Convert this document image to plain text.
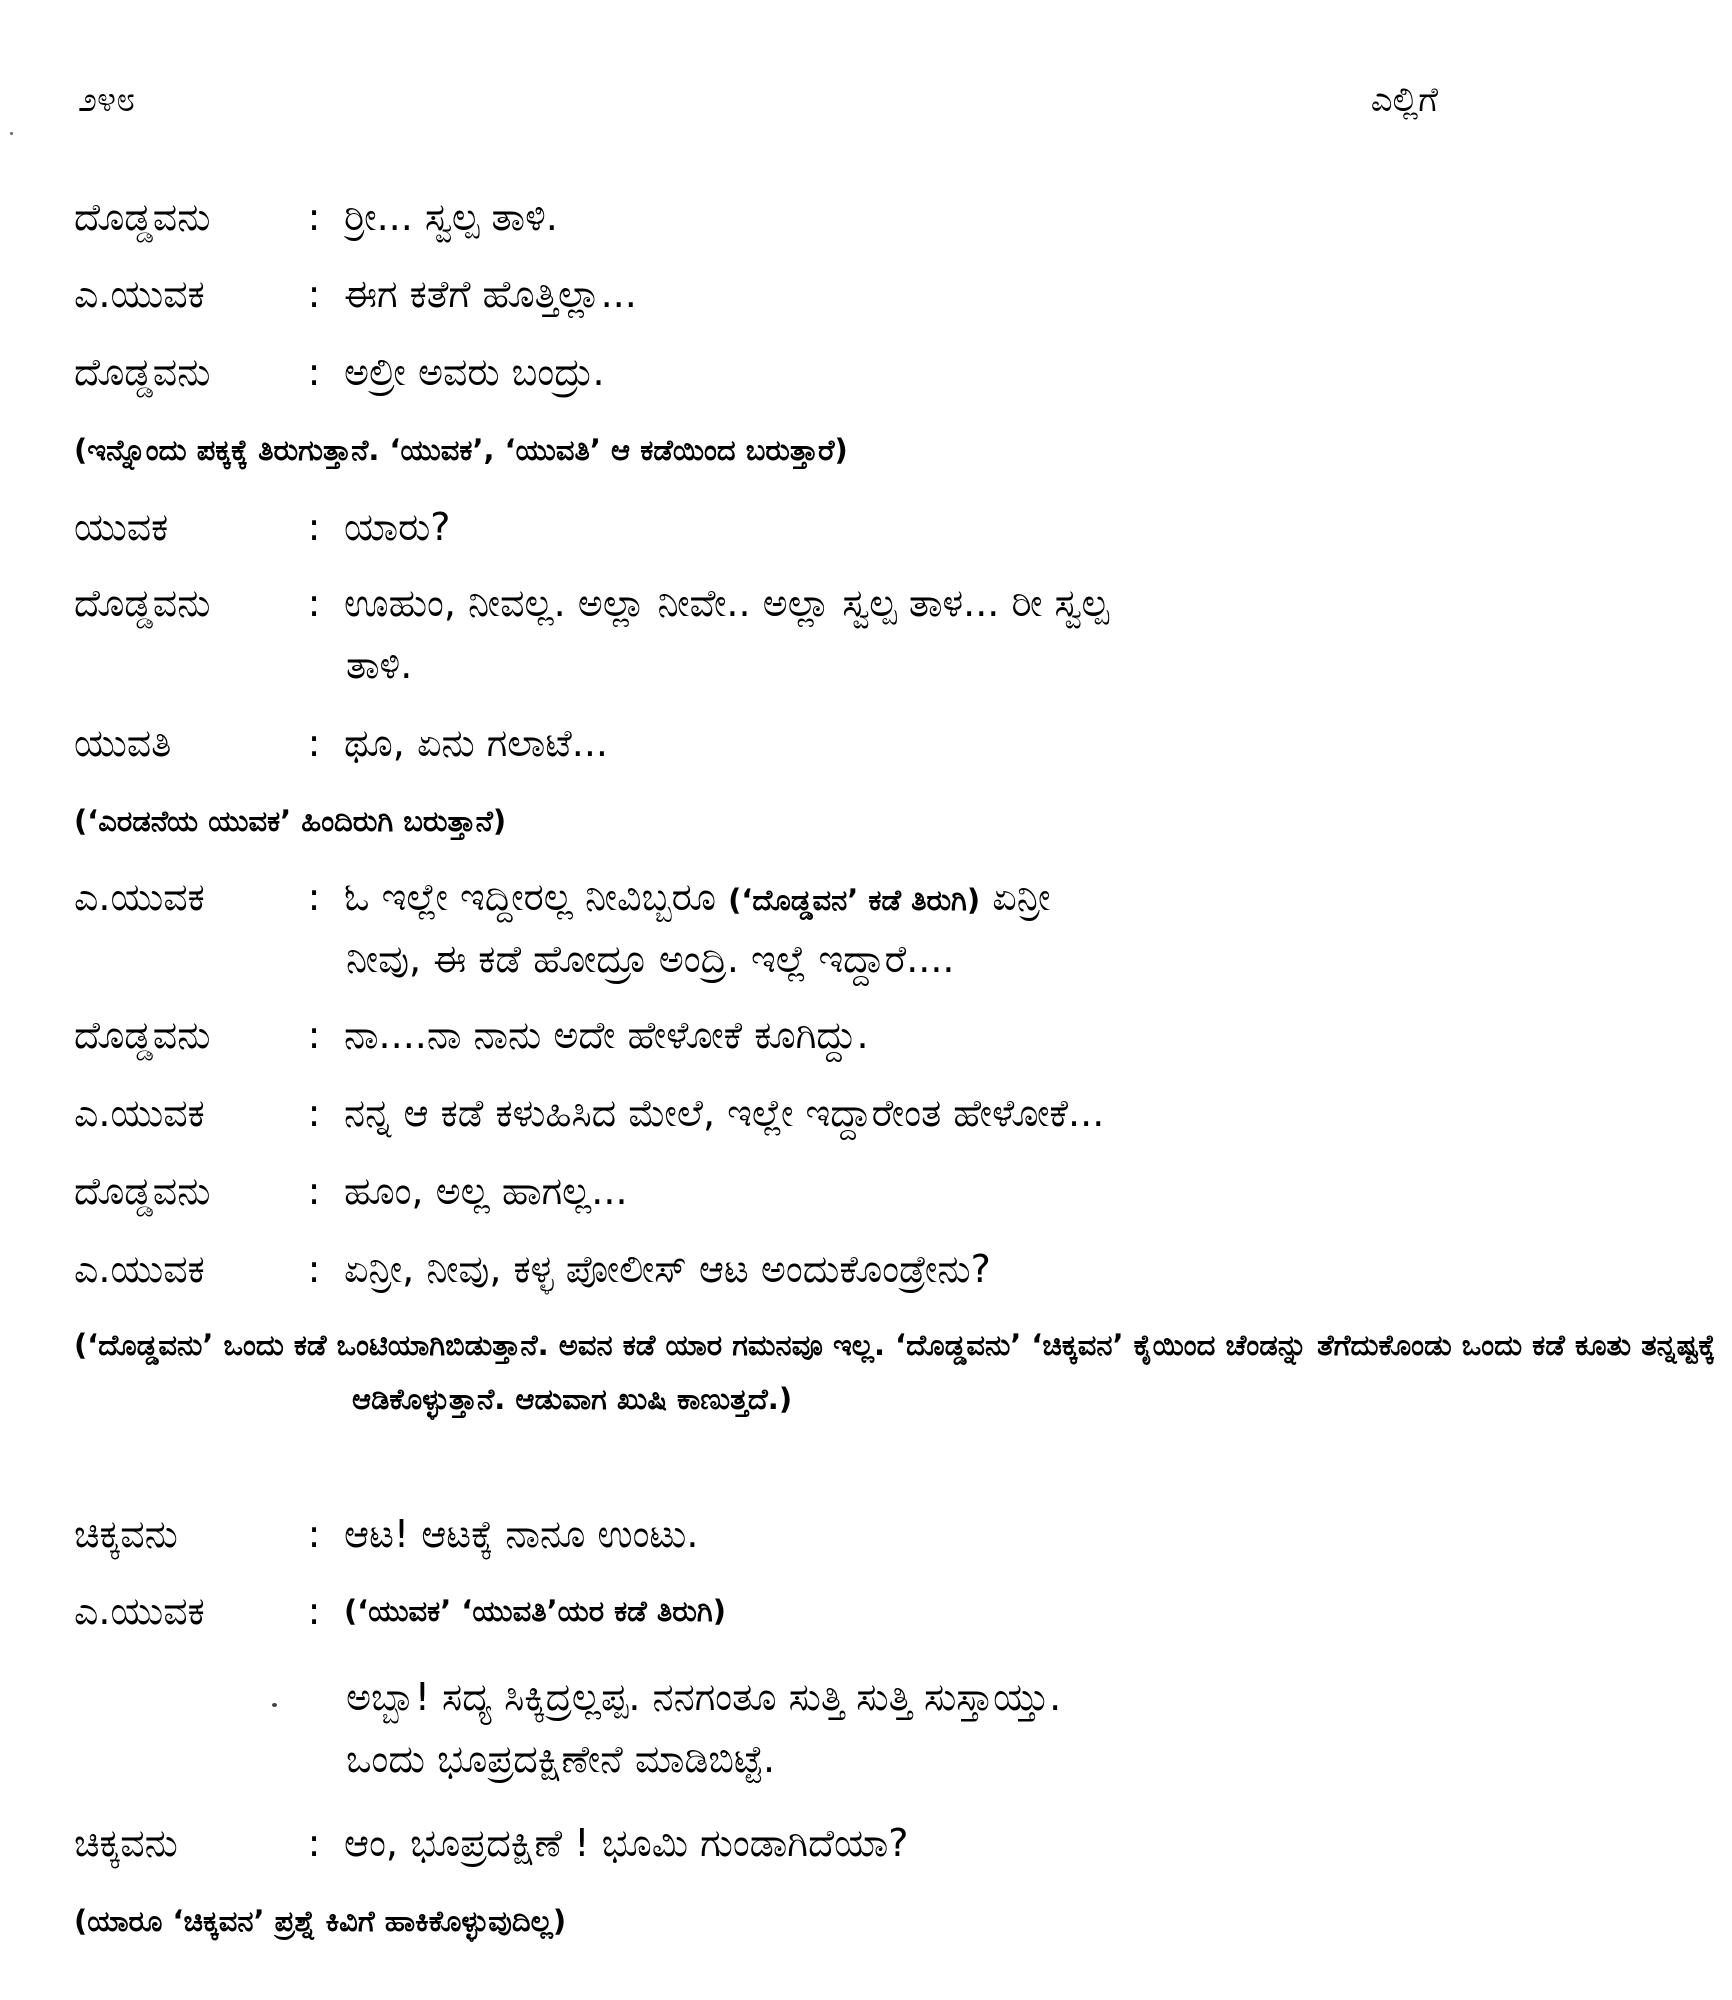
೨೪೮	ಎಲ್ಲಿಗೆ
ದೊಡ್ಡವನು	: ರ‍್ರೀ... ಸ್ವಲ್ಪ ತಾಳಿ.
ಎ.ಯುವಕ	: ಈಗ ಕತೆಗೆ ಹೊತ್ತಿಲ್ಲಾ...
ದೊಡ್ಡವನು	: ಅಲ್ರೀ ಅವರು ಬಂದ್ರು.
(ಇನ್ನೊಂದು ಪಕ್ಕಕ್ಕೆ ತಿರುಗುತ್ತಾನೆ. ‘ಯುವಕ’, ‘ಯುವತಿ’ ಆ ಕಡೆಯಿಂದ ಬರುತ್ತಾರೆ)
ಯುವಕ	: ಯಾರು?
ದೊಡ್ಡವನು	: ಊಹುಂ, ನೀವಲ್ಲ. ಅಲ್ಲಾ ನೀವೇ.. ಅಲ್ಲಾ ಸ್ವಲ್ಪ ತಾಳ... ರೀ ಸ್ವಲ್ಪ
ತಾಳಿ.
ಯುವತಿ	: ಥೂ, ಏನು ಗಲಾಟೆ...
(‘ಎರಡನೆಯ ಯುವಕ’ ಹಿಂದಿರುಗಿ ಬರುತ್ತಾನೆ)
ಎ.ಯುವಕ	: ಓ ಇಲ್ಲೇ ಇದ್ದೀರಲ್ಲ ನೀವಿಬ್ಬರೂ (‘ದೊಡ್ಡವನ’ ಕಡೆ ತಿರುಗಿ) ಏನ್ರೀ
ನೀವು, ಈ ಕಡೆ ಹೋದ್ರೂ ಅಂದ್ರಿ. ಇಲ್ಲೆ ಇದ್ದಾರೆ....
ದೊಡ್ಡವನು	: ನಾ....ನಾ ನಾನು ಅದೇ ಹೇಳೋಕೆ ಕೂಗಿದ್ದು.
ಎ.ಯುವಕ	: ನನ್ನ ಆ ಕಡೆ ಕಳುಹಿಸಿದ ಮೇಲೆ, ಇಲ್ಲೇ ಇದ್ದಾರೇಂತ ಹೇಳೋಕೆ...
ದೊಡ್ಡವನು	: ಹೂಂ, ಅಲ್ಲ ಹಾಗಲ್ಲ...
ಎ.ಯುವಕ	: ಏನ್ರೀ, ನೀವು, ಕಳ್ಳ ಪೋಲೀಸ್ ಆಟ ಅಂದುಕೊಂಡ್ರೇನು?
(‘ದೊಡ್ಡವನು’ ಒಂದು ಕಡೆ ಒಂಟಿಯಾಗಿಬಿಡುತ್ತಾನೆ. ಅವನ ಕಡೆ ಯಾರ ಗಮನವೂ ಇಲ್ಲ. ‘ದೊಡ್ಡವನು’ ‘ಚಿಕ್ಕವನ’ ಕೈಯಿಂದ ಚೆಂಡನ್ನು ತೆಗೆದುಕೊಂಡು ಒಂದು ಕಡೆ ಕೂತು ತನ್ನಷ್ಟಕ್ಕೆ ಆಡಿಕೊಳ್ಳುತ್ತಾನೆ. ಆಡುವಾಗ ಖುಷಿ ಕಾಣುತ್ತದೆ.)
ಚಿಕ್ಕವನು	: ಆಟ! ಆಟಕ್ಕೆ ನಾನೂ ಉಂಟು.
ಎ.ಯುವಕ	: (‘ಯುವಕ’ ‘ಯುವತಿ’ಯರ ಕಡೆ ತಿರುಗಿ)
ಅಬ್ಬಾ! ಸದ್ಯ ಸಿಕ್ಕಿದ್ರಲ್ಲಪ್ಪ. ನನಗಂತೂ ಸುತ್ತಿ ಸುತ್ತಿ ಸುಸ್ತಾಯ್ತು.
ಒಂದು ಭೂಪ್ರದಕ್ಷಿಣೇನೆ ಮಾಡಿಬಿಟ್ಟೆ.
ಚಿಕ್ಕವನು	: ಆಂ, ಭೂಪ್ರದಕ್ಷಿಣೆ ! ಭೂಮಿ ಗುಂಡಾಗಿದೆಯಾ?
(ಯಾರೂ ‘ಚಿಕ್ಕವನ’ ಪ್ರಶ್ನೆ ಕಿವಿಗೆ ಹಾಕಿಕೊಳ್ಳುವುದಿಲ್ಲ)
